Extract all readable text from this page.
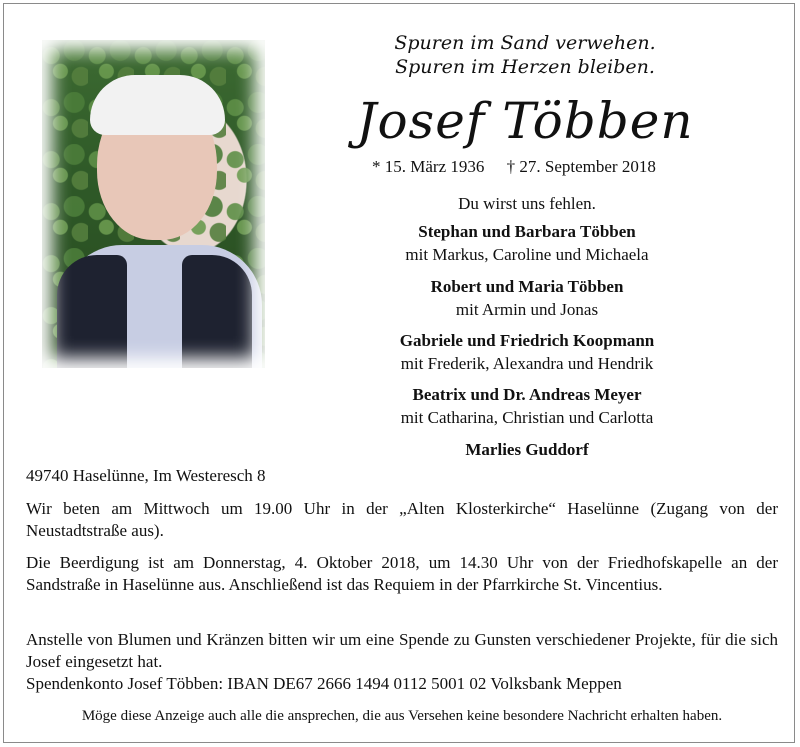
Spuren im Sand verwehen.
Spuren im Herzen bleiben.
Josef Többen
* 15. März 1936 † 27. September 2018
Du wirst uns fehlen.
Stephan und Barbara Többen
mit Markus, Caroline und Michaela
Robert und Maria Többen
mit Armin und Jonas
Gabriele und Friedrich Koopmann
mit Frederik, Alexandra und Hendrik
Beatrix und Dr. Andreas Meyer
mit Catharina, Christian und Carlotta
Marlies Guddorf
49740 Haselünne, Im Westeresch 8
Wir beten am Mittwoch um 19.00 Uhr in der „Alten Klosterkirche“ Haselünne (Zugang von der Neustadtstraße aus).
Die Beerdigung ist am Donnerstag, 4. Oktober 2018, um 14.30 Uhr von der Friedhofskapelle an der Sandstraße in Haselünne aus. Anschließend ist das Requiem in der Pfarrkirche St. Vincentius.
Anstelle von Blumen und Kränzen bitten wir um eine Spende zu Gunsten verschiedener Projekte, für die sich Josef eingesetzt hat.
Spendenkonto Josef Többen: IBAN DE67 2666 1494 0112 5001 02 Volksbank Meppen
Möge diese Anzeige auch alle die ansprechen, die aus Versehen keine besondere Nachricht erhalten haben.
